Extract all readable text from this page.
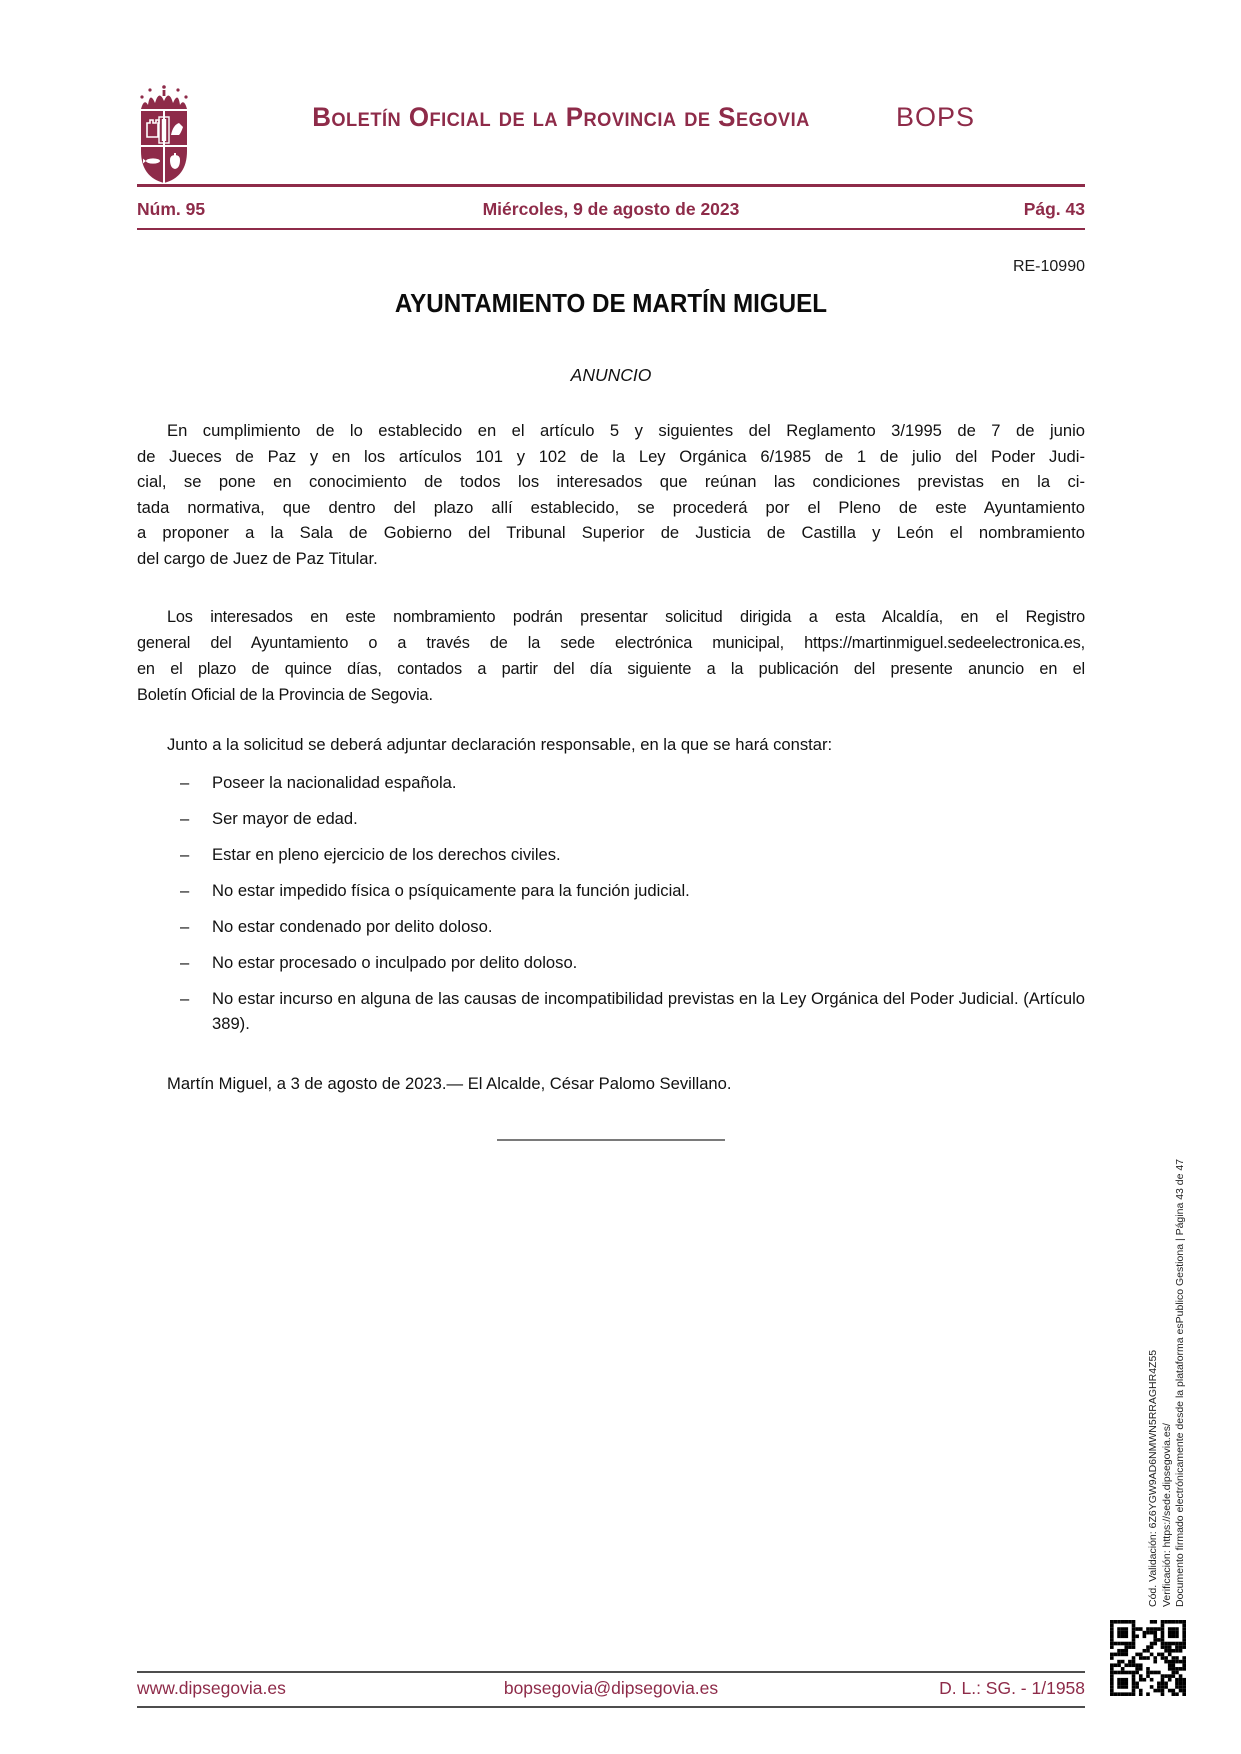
Boletín Oficial de la Provincia de Segovia	BOPS
Núm. 95	Miércoles, 9 de agosto de 2023	Pág. 43
RE-10990
AYUNTAMIENTO DE MARTÍN MIGUEL
ANUNCIO
En cumplimiento de lo establecido en el artículo 5 y siguientes del Reglamento 3/1995 de 7 de junio
de Jueces de Paz y en los artículos 101 y 102 de la Ley Orgánica 6/1985 de 1 de julio del Poder Judi-
cial, se pone en conocimiento de todos los interesados que reúnan las condiciones previstas en la ci-
tada normativa, que dentro del plazo allí establecido, se procederá por el Pleno de este Ayuntamiento
a proponer a la Sala de Gobierno del Tribunal Superior de Justicia de Castilla y León el nombramiento
del cargo de Juez de Paz Titular.
Los interesados en este nombramiento podrán presentar solicitud dirigida a esta Alcaldía, en el Registro
general del Ayuntamiento o a través de la sede electrónica municipal, https://martinmiguel.sedeelectronica.es,
en el plazo de quince días, contados a partir del día siguiente a la publicación del presente anuncio en el
Boletín Oficial de la Provincia de Segovia.
Junto a la solicitud se deberá adjuntar declaración responsable, en la que se hará constar:
– Poseer la nacionalidad española.
– Ser mayor de edad.
– Estar en pleno ejercicio de los derechos civiles.
– No estar impedido física o psíquicamente para la función judicial.
– No estar condenado por delito doloso.
– No estar procesado o inculpado por delito doloso.
– No estar incurso en alguna de las causas de incompatibilidad previstas en la Ley Orgánica del Poder Judicial. (Artículo 389).
Martín Miguel, a 3 de agosto de 2023.— El Alcalde, César Palomo Sevillano.
www.dipsegovia.es	bopsegovia@dipsegovia.es	D. L.: SG. - 1/1958
Cód. Validación: 6Z6YGW9AD6NMWN5RRAGHR4Z55 Verificación: https://sede.dipsegovia.es/ Documento firmado electrónicamente desde la plataforma esPublico Gestiona | Página 43 de 47
